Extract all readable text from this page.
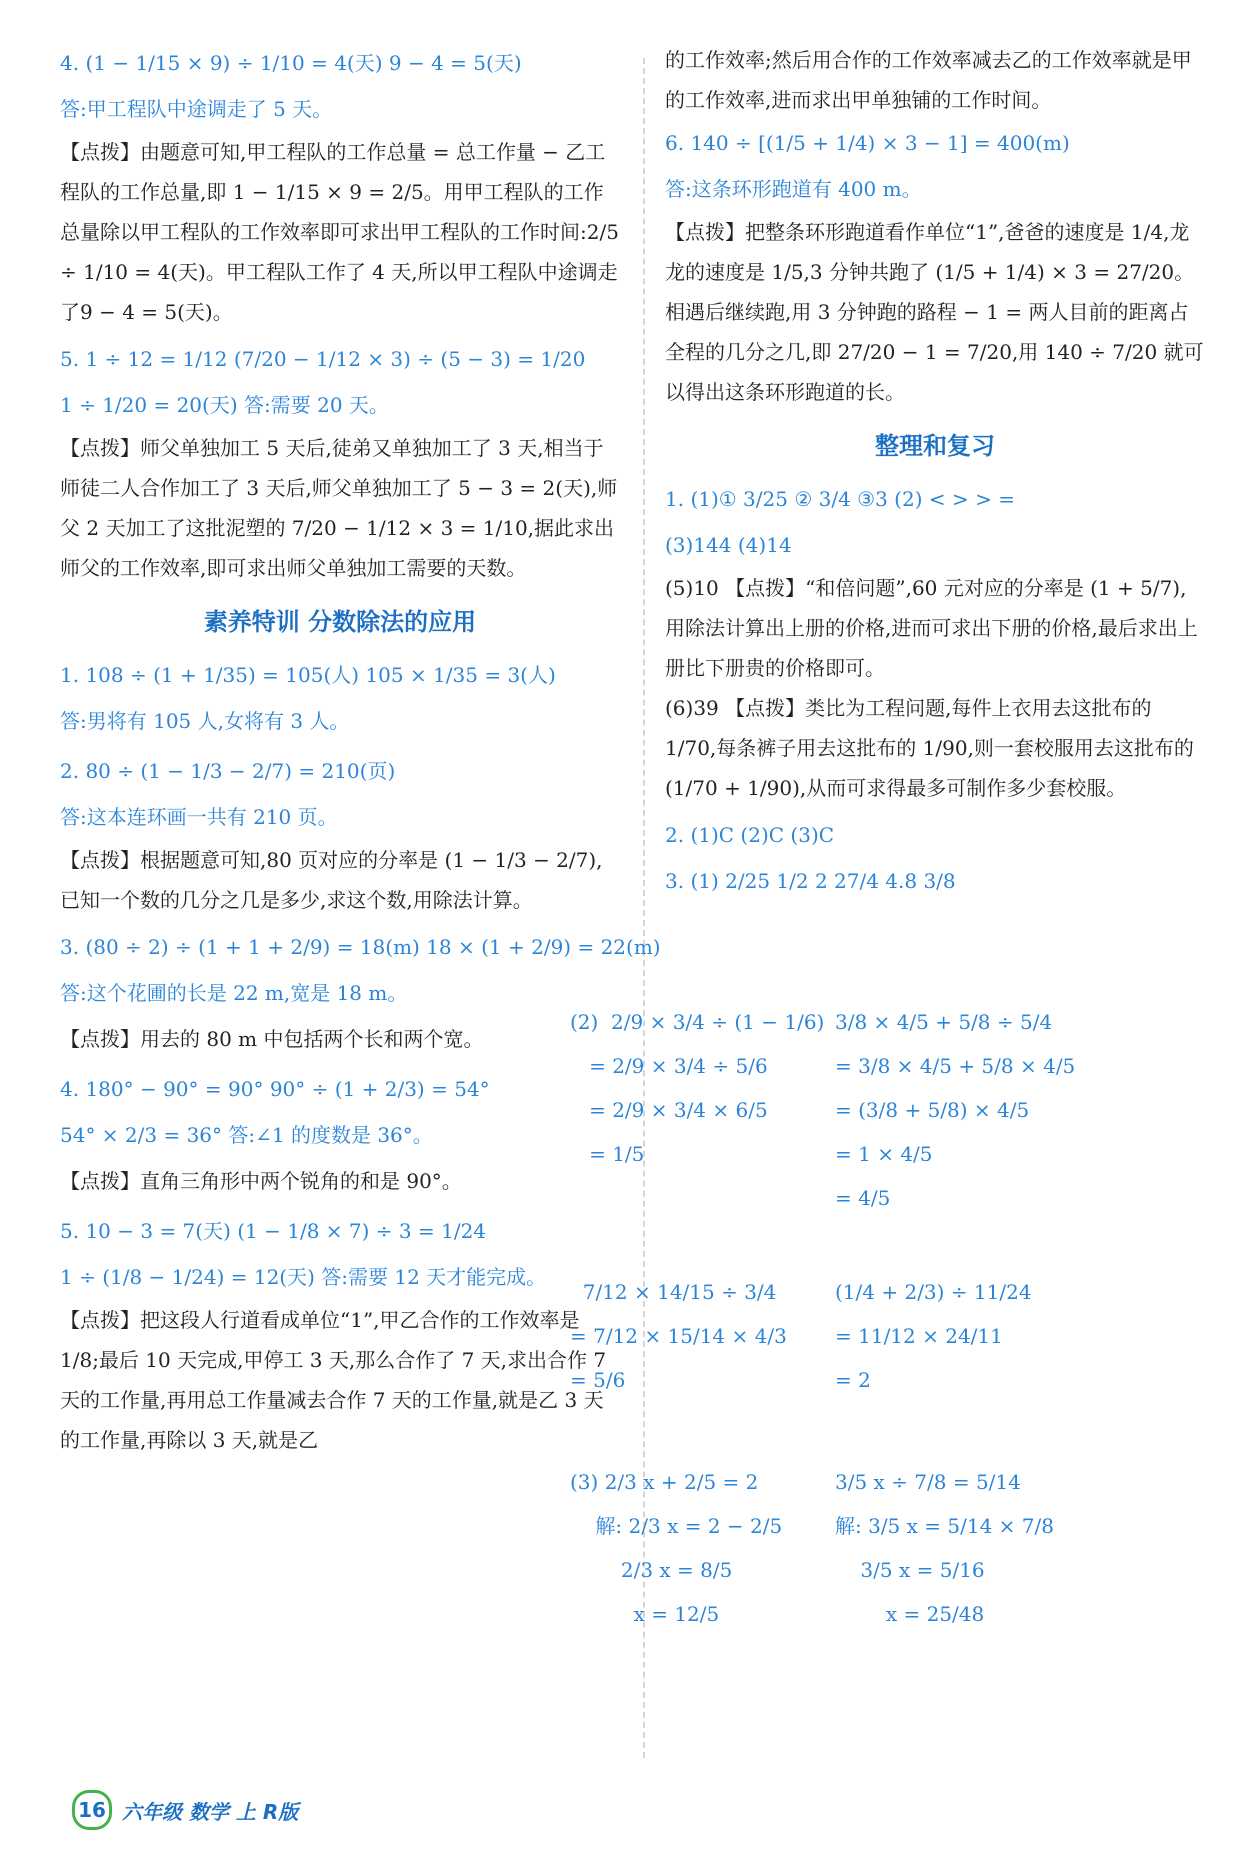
4. (1 − 1/15 × 9) ÷ 1/10 = 4(天) 9 − 4 = 5(天)

答:甲工程队中途调走了 5 天。

【点拨】由题意可知,甲工程队的工作总量 = 总工作量 − 乙工程队的工作总量,即 1 − 1/15 × 9 = 2/5。用甲工程队的工作总量除以甲工程队的工作效率即可求出甲工程队的工作时间:2/5 ÷ 1/10 = 4(天)。甲工程队工作了 4 天,所以甲工程队中途调走了9 − 4 = 5(天)。

5. 1 ÷ 12 = 1/12 (7/20 − 1/12 × 3) ÷ (5 − 3) = 1/20

1 ÷ 1/20 = 20(天) 答:需要 20 天。

【点拨】师父单独加工 5 天后,徒弟又单独加工了 3 天,相当于师徒二人合作加工了 3 天后,师父单独加工了 5 − 3 = 2(天),师父 2 天加工了这批泥塑的 7/20 − 1/12 × 3 = 1/10,据此求出师父的工作效率,即可求出师父单独加工需要的天数。

素养特训 分数除法的应用

1. 108 ÷ (1 + 1/35) = 105(人) 105 × 1/35 = 3(人)

答:男将有 105 人,女将有 3 人。

2. 80 ÷ (1 − 1/3 − 2/7) = 210(页)

答:这本连环画一共有 210 页。

【点拨】根据题意可知,80 页对应的分率是 (1 − 1/3 − 2/7),已知一个数的几分之几是多少,求这个数,用除法计算。

3. (80 ÷ 2) ÷ (1 + 1 + 2/9) = 18(m) 18 × (1 + 2/9) = 22(m)

答:这个花圃的长是 22 m,宽是 18 m。

【点拨】用去的 80 m 中包括两个长和两个宽。

4. 180° − 90° = 90° 90° ÷ (1 + 2/3) = 54°

54° × 2/3 = 36° 答:∠1 的度数是 36°。

【点拨】直角三角形中两个锐角的和是 90°。

5. 10 − 3 = 7(天) (1 − 1/8 × 7) ÷ 3 = 1/24

1 ÷ (1/8 − 1/24) = 12(天) 答:需要 12 天才能完成。

【点拨】把这段人行道看成单位“1”,甲乙合作的工作效率是 1/8;最后 10 天完成,甲停工 3 天,那么合作了 7 天,求出合作 7 天的工作量,再用总工作量减去合作 7 天的工作量,就是乙 3 天的工作量,再除以 3 天,就是乙

的工作效率;然后用合作的工作效率减去乙的工作效率就是甲的工作效率,进而求出甲单独铺的工作时间。

6. 140 ÷ [(1/5 + 1/4) × 3 − 1] = 400(m)

答:这条环形跑道有 400 m。

【点拨】把整条环形跑道看作单位“1”,爸爸的速度是 1/4,龙龙的速度是 1/5,3 分钟共跑了 (1/5 + 1/4) × 3 = 27/20。相遇后继续跑,用 3 分钟跑的路程 − 1 = 两人目前的距离占全程的几分之几,即 27/20 − 1 = 7/20,用 140 ÷ 7/20 就可以得出这条环形跑道的长。

整理和复习

1. (1)① 3/25 ② 3/4 ③3 (2) < > > =

(3)144 (4)14

(5)10 【点拨】“和倍问题”,60 元对应的分率是 (1 + 5/7),用除法计算出上册的价格,进而可求出下册的价格,最后求出上册比下册贵的价格即可。

(6)39 【点拨】类比为工程问题,每件上衣用去这批布的 1/70,每条裤子用去这批布的 1/90,则一套校服用去这批布的 (1/70 + 1/90),从而可求得最多可制作多少套校服。

2. (1)C (2)C (3)C

3. (1) 2/25 1/2 2 27/4 4.8 3/8

(2)  2/9 × 3/4 ÷ (1 − 1/6)
= 2/9 × 3/4 ÷ 5/6
= 2/9 × 3/4 × 6/5
= 1/5
3/8 × 4/5 + 5/8 ÷ 5/4
= 3/8 × 4/5 + 5/8 × 4/5
= (3/8 + 5/8) × 4/5
= 1 × 4/5
= 4/5
7/12 × 14/15 ÷ 3/4
= 7/12 × 15/14 × 4/3
= 5/6
(1/4 + 2/3) ÷ 11/24
= 11/12 × 24/11
= 2
(3) 2/3 x + 2/5 = 2
解: 2/3 x = 2 − 2/5
2/3 x = 8/5
x = 12/5
3/5 x ÷ 7/8 = 5/14
解: 3/5 x = 5/14 × 7/8
3/5 x = 5/16
x = 25/48
16 六年级 数学 上 R版
